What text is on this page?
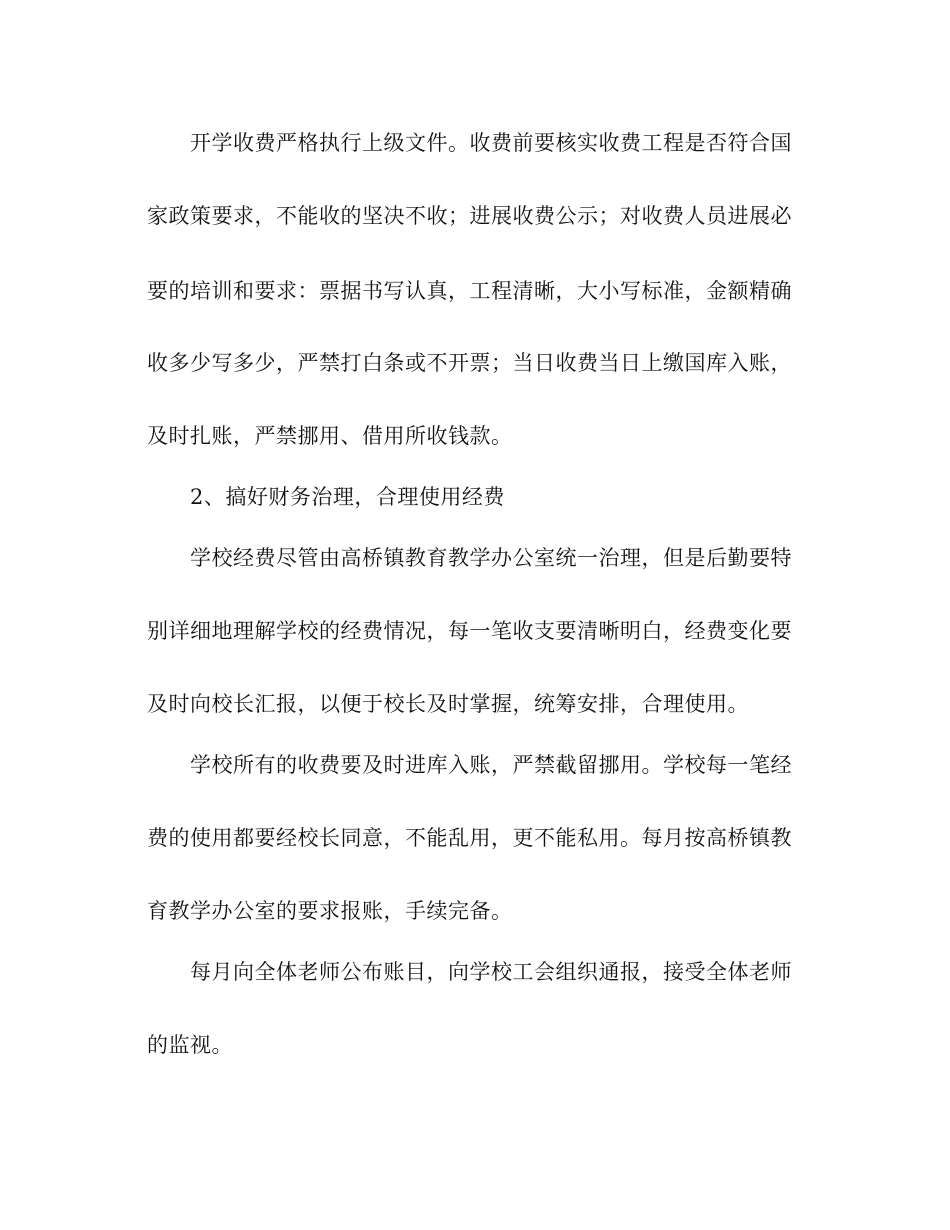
开学收费严格执行上级文件。收费前要核实收费工程是否符合国
家政策要求，不能收的坚决不收；进展收费公示；对收费人员进展必
要的培训和要求：票据书写认真，工程清晰，大小写标准，金额精确
收多少写多少，严禁打白条或不开票；当日收费当日上缴国库入账，
及时扎账，严禁挪用、借用所收钱款。
2、搞好财务治理，合理使用经费
学校经费尽管由高桥镇教育教学办公室统一治理，但是后勤要特
别详细地理解学校的经费情况，每一笔收支要清晰明白，经费变化要
及时向校长汇报，以便于校长及时掌握，统筹安排，合理使用。
学校所有的收费要及时进库入账，严禁截留挪用。学校每一笔经
费的使用都要经校长同意，不能乱用，更不能私用。每月按高桥镇教
育教学办公室的要求报账，手续完备。
每月向全体老师公布账目，向学校工会组织通报，接受全体老师
的监视。
